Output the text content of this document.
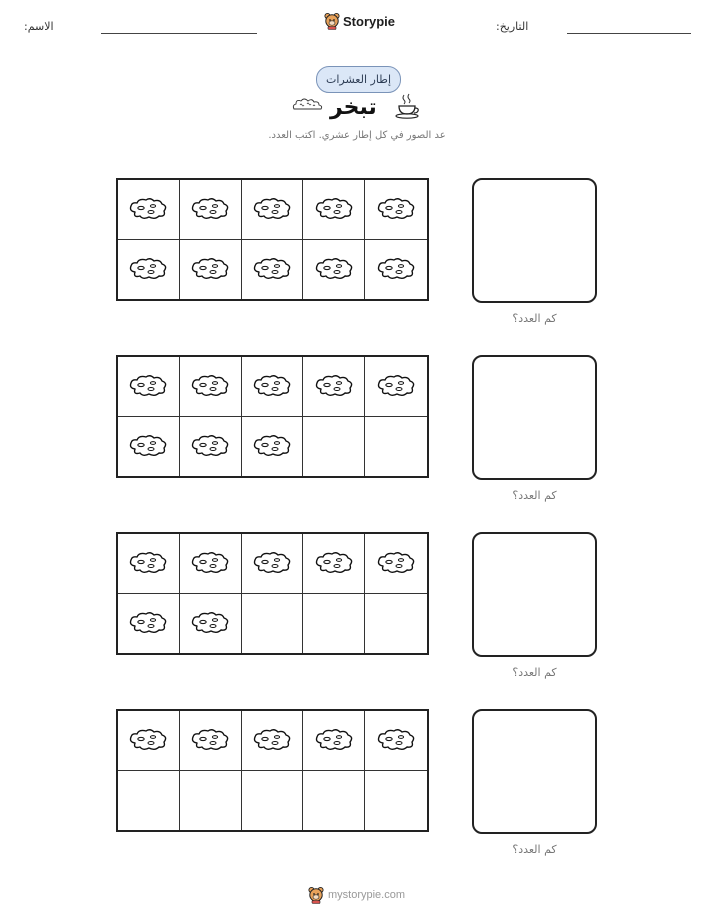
الاسم:	Storypie	التاريخ:
إطار العشرات
تبخر
عد الصور في كل إطار عشري. اكتب العدد.
كم العدد؟
كم العدد؟
كم العدد؟
كم العدد؟
mystorypie.com
